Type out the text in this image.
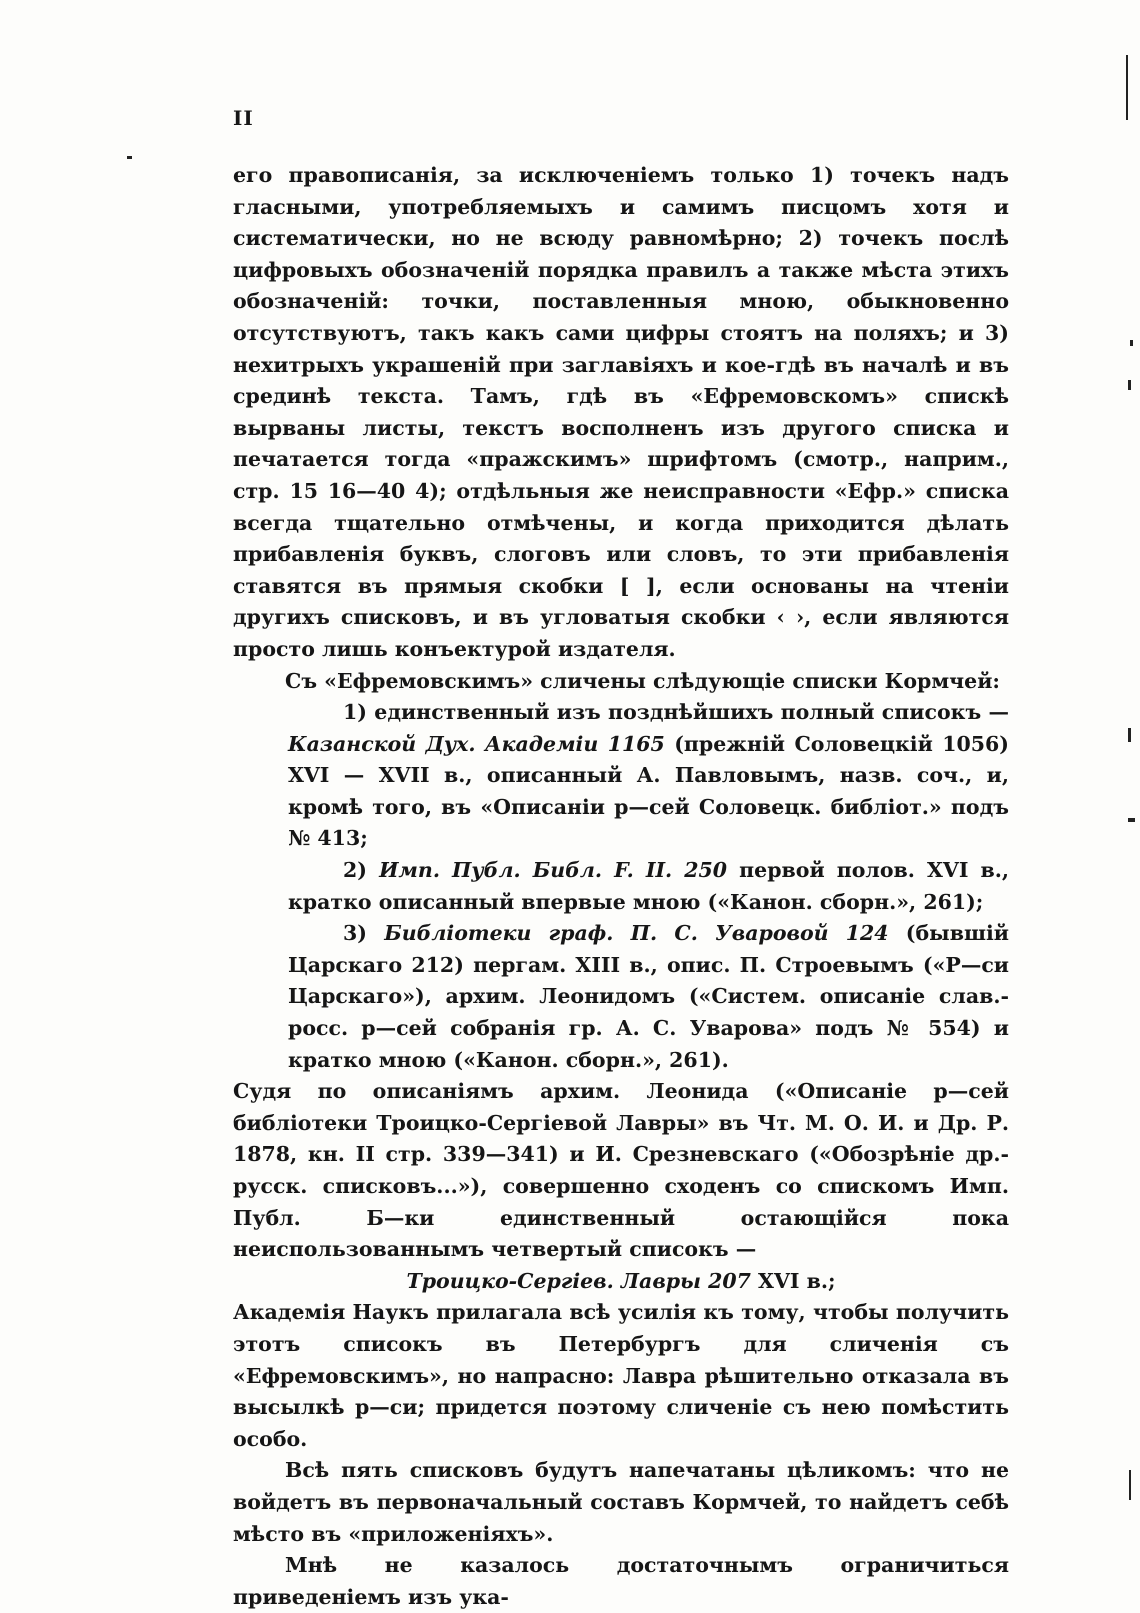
II

его правописанія, за исключеніемъ только 1) точекъ надъ гласными, употребляемыхъ и самимъ писцомъ хотя и систематически, но не всюду равномѣрно; 2) точекъ послѣ цифровыхъ обозначеній порядка правилъ а также мѣста этихъ обозначеній: точки, поставленныя мною, обыкновенно отсутствуютъ, такъ какъ сами цифры стоятъ на поляхъ; и 3) нехитрыхъ украшеній при заглавіяхъ и кое-гдѣ въ началѣ и въ срединѣ текста. Тамъ, гдѣ въ «Ефремовскомъ» спискѣ вырваны листы, текстъ восполненъ изъ другого списка и печатается тогда «пражскимъ» шрифтомъ (смотр., наприм., стр. 15 16—40 4); отдѣльныя же неисправности «Ефр.» списка всегда тщательно отмѣчены, и когда приходится дѣлать прибавленія буквъ, слоговъ или словъ, то эти прибавленія ставятся въ прямыя скобки [ ], если основаны на чтеніи другихъ списковъ, и въ угловатыя скобки ‹ ›, если являются просто лишь конъектурой издателя.

Съ «Ефремовскимъ» сличены слѣдующіе списки Кормчей:

1) единственный изъ позднѣйшихъ полный списокъ — Казанской Дух. Академіи 1165 (прежній Соловецкій 1056) XVI — XVII в., описанный А. Павловымъ, назв. соч., и, кромѣ того, въ «Описаніи р—сей Соловецк. библіот.» подъ № 413;

2) Имп. Публ. Библ. F. II. 250 первой полов. XVI в., кратко описанный впервые мною («Канон. сборн.», 261);

3) Библіотеки граф. П. С. Уваровой 124 (бывшій Царскаго 212) пергам. XIII в., опис. П. Строевымъ («Р—си Царскаго»), архим. Леонидомъ («Систем. описаніе слав.-росс. р—сей собранія гр. А. С. Уварова» подъ № 554) и кратко мною («Канон. сборн.», 261).

Судя по описаніямъ архим. Леонида («Описаніе р—сей библіотеки Троицко-Сергіевой Лавры» въ Чт. М. О. И. и Др. Р. 1878, кн. II стр. 339—341) и И. Срезневскаго («Обозрѣніе др.-русск. списковъ...»), совершенно сходенъ со спискомъ Имп. Публ. Б—ки единственный остающійся пока неиспользованнымъ четвертый списокъ —

Троицко-Сергіев. Лавры 207 XVI в.;

Академія Наукъ прилагала всѣ усилія къ тому, чтобы получить этотъ списокъ въ Петербургъ для сличенія съ «Ефремовскимъ», но напрасно: Лавра рѣшительно отказала въ высылкѣ р—си; придется поэтому сличеніе съ нею помѣстить особо.

Всѣ пять списковъ будутъ напечатаны цѣликомъ: что не войдетъ въ первоначальный составъ Кормчей, то найдетъ себѣ мѣсто въ «приложеніяхъ».

Мнѣ не казалось достаточнымъ ограничиться приведеніемъ изъ ука-
